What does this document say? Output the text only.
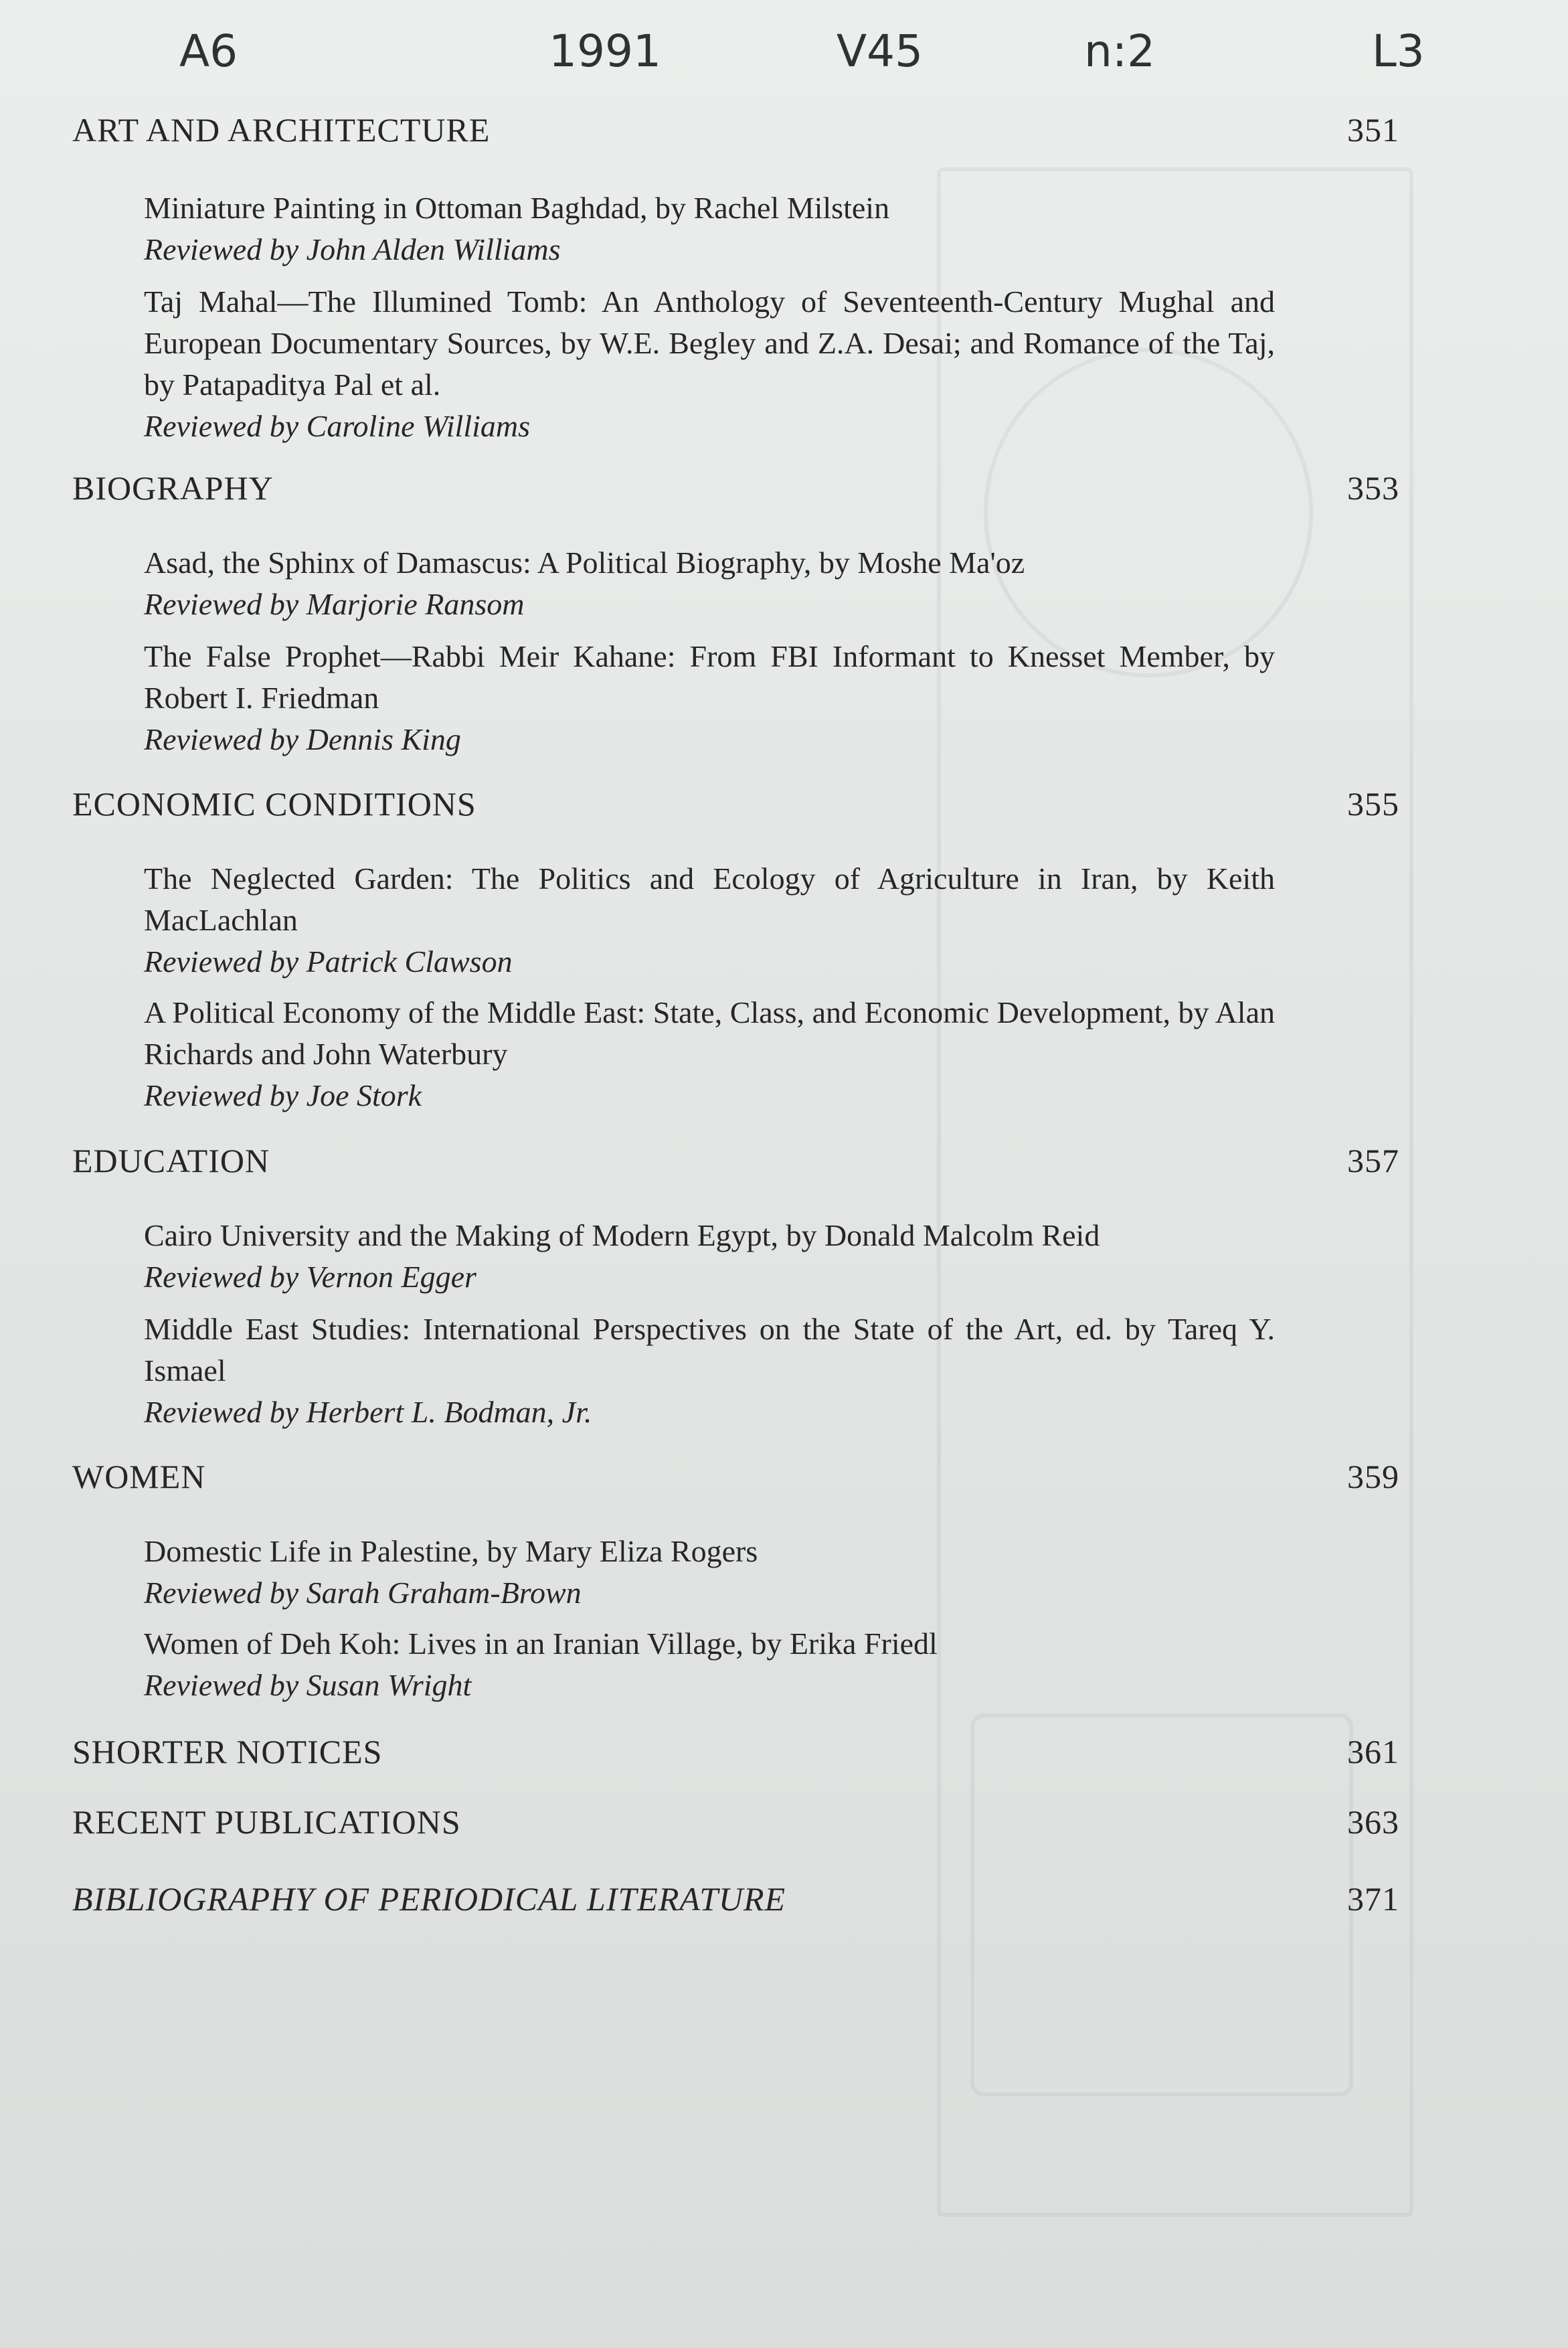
A6	1991	V45	n:2	L3
ART AND ARCHITECTURE	351
Miniature Painting in Ottoman Baghdad, by Rachel Milstein
Reviewed by John Alden Williams
Taj Mahal—The Illumined Tomb: An Anthology of Seventeenth-Century Mughal and European Documentary Sources, by W.E. Begley and Z.A. Desai; and Romance of the Taj, by Patapaditya Pal et al.
Reviewed by Caroline Williams
BIOGRAPHY	353
Asad, the Sphinx of Damascus: A Political Biography, by Moshe Ma'oz
Reviewed by Marjorie Ransom
The False Prophet—Rabbi Meir Kahane: From FBI Informant to Knesset Member, by Robert I. Friedman
Reviewed by Dennis King
ECONOMIC CONDITIONS	355
The Neglected Garden: The Politics and Ecology of Agriculture in Iran, by Keith MacLachlan
Reviewed by Patrick Clawson
A Political Economy of the Middle East: State, Class, and Economic Development, by Alan Richards and John Waterbury
Reviewed by Joe Stork
EDUCATION	357
Cairo University and the Making of Modern Egypt, by Donald Malcolm Reid
Reviewed by Vernon Egger
Middle East Studies: International Perspectives on the State of the Art, ed. by Tareq Y. Ismael
Reviewed by Herbert L. Bodman, Jr.
WOMEN	359
Domestic Life in Palestine, by Mary Eliza Rogers
Reviewed by Sarah Graham-Brown
Women of Deh Koh: Lives in an Iranian Village, by Erika Friedl
Reviewed by Susan Wright
SHORTER NOTICES	361
RECENT PUBLICATIONS	363
BIBLIOGRAPHY OF PERIODICAL LITERATURE	371
